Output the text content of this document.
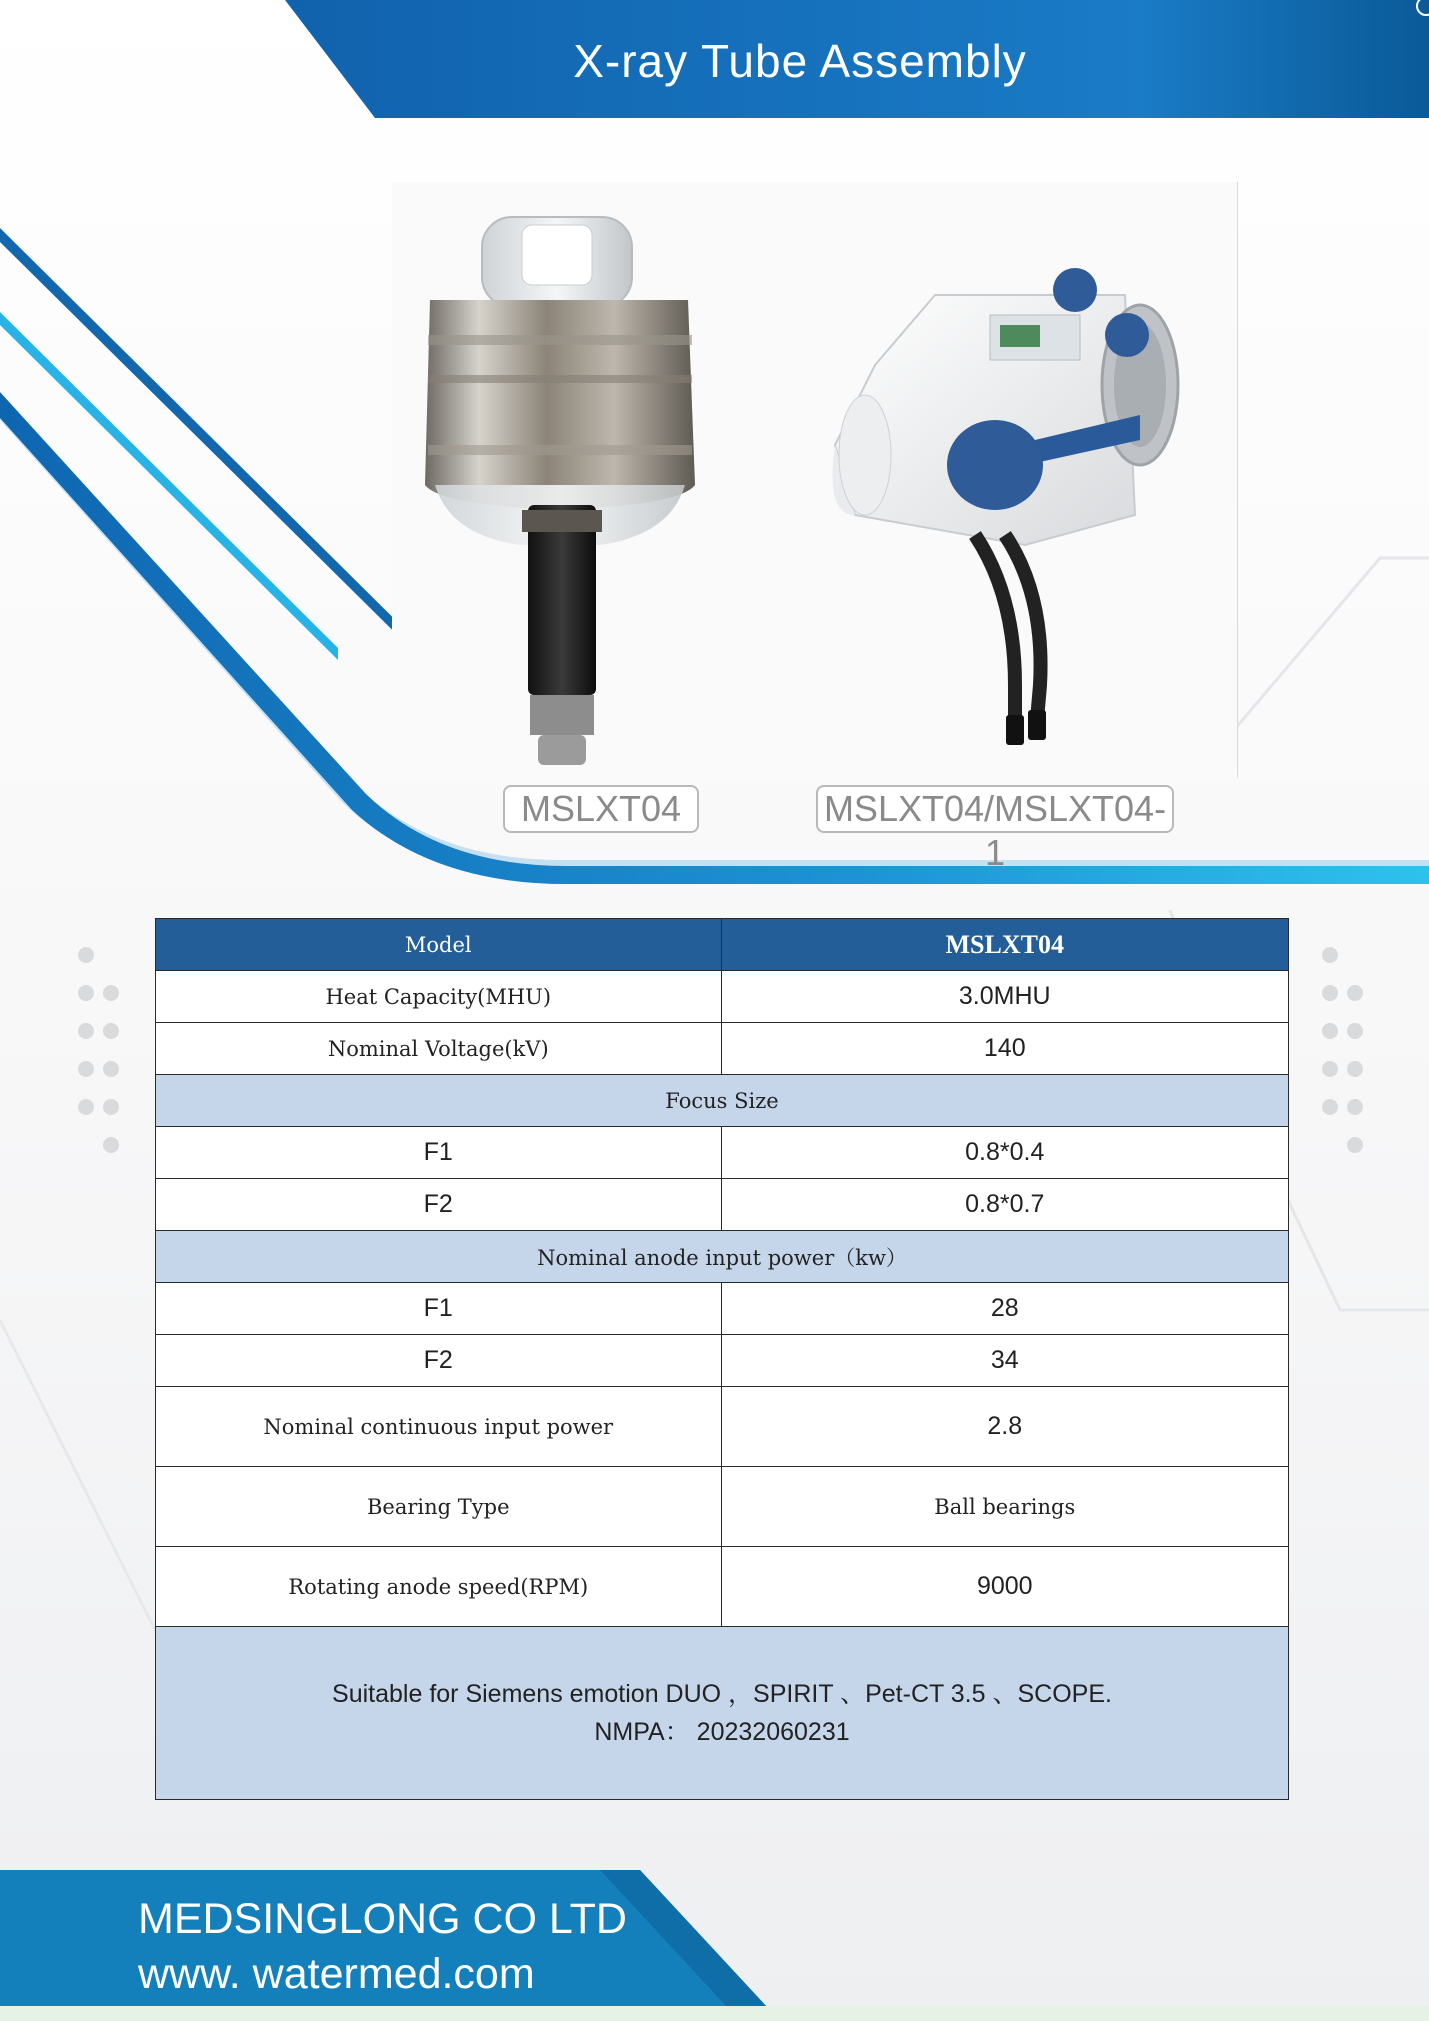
X-ray Tube Assembly
MSLXT04	MSLXT04/MSLXT04-1
Model	MSLXT04
Heat Capacity(MHU)	3.0MHU
Nominal Voltage(kV)	140
Focus Size	
F1	0.8*0.4
F2	0.8*0.7
Nominal anode input power（kw）	
F1	28
F2	34
Nominal continuous input power	2.8
Bearing Type	Ball bearings
Rotating anode speed(RPM)	9000

Suitable for Siemens emotion DUO ，SPIRIT 、Pet-CT 3.5 、SCOPE.
NMPA： 20232060231	
MEDSINGLONG CO LTD
www. watermed.com
